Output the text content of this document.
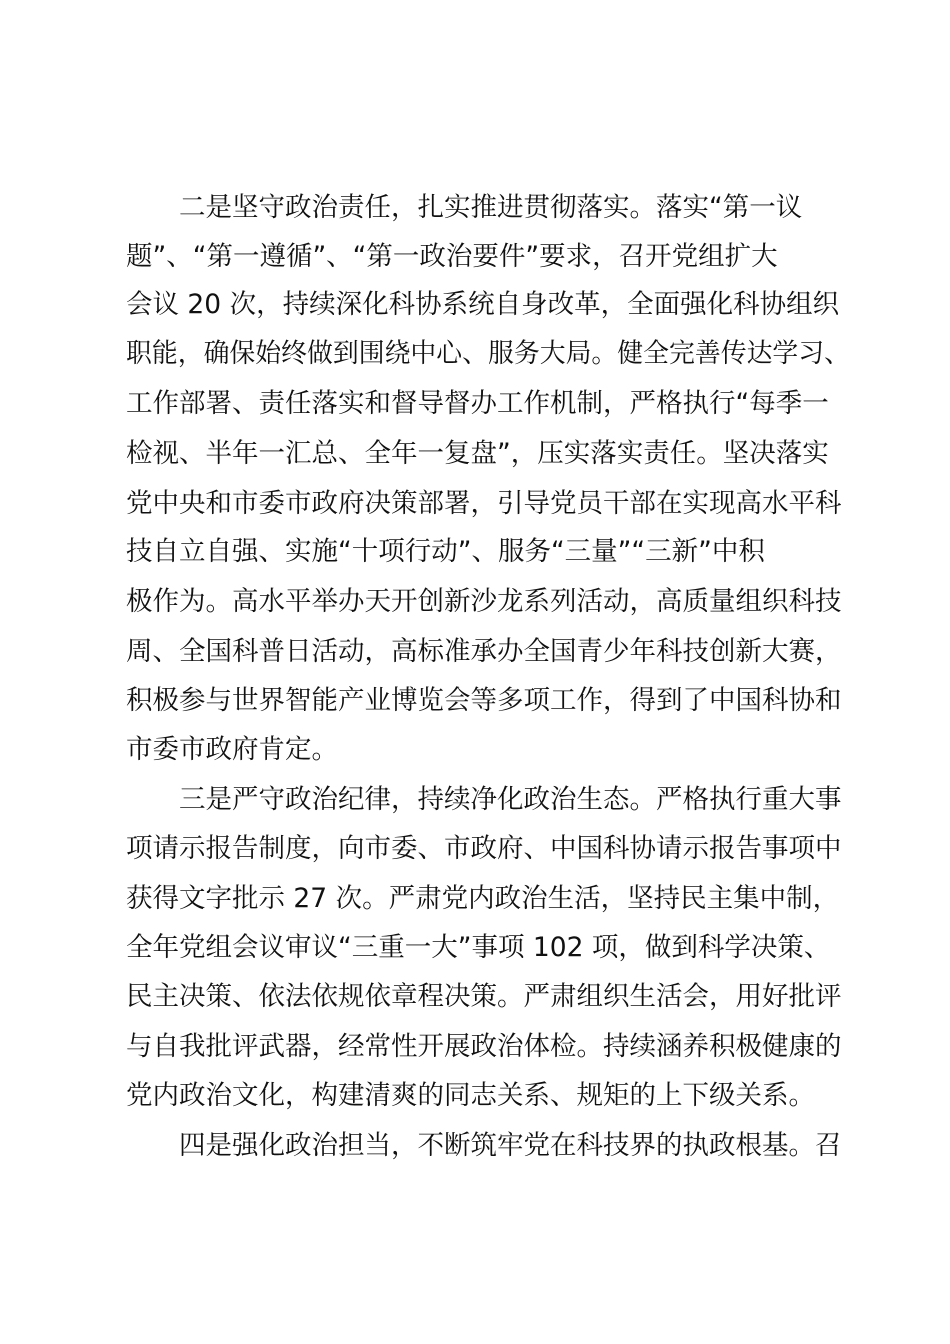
二是坚守政治责任，扎实推进贯彻落实。落实“第一议
题”、“第一遵循”、“第一政治要件”要求，召开党组扩大
会议 20 次，持续深化科协系统自身改革，全面强化科协组织
职能，确保始终做到围绕中心、服务大局。健全完善传达学习、
工作部署、责任落实和督导督办工作机制，严格执行“每季一
检视、半年一汇总、全年一复盘”，压实落实责任。坚决落实
党中央和市委市政府决策部署，引导党员干部在实现高水平科
技自立自强、实施“十项行动”、服务“三量”“三新”中积
极作为。高水平举办天开创新沙龙系列活动，高质量组织科技
周、全国科普日活动，高标准承办全国青少年科技创新大赛，
积极参与世界智能产业博览会等多项工作，得到了中国科协和
市委市政府肯定。
三是严守政治纪律，持续净化政治生态。严格执行重大事
项请示报告制度，向市委、市政府、中国科协请示报告事项中
获得文字批示 27 次。严肃党内政治生活，坚持民主集中制，
全年党组会议审议“三重一大”事项 102 项，做到科学决策、
民主决策、依法依规依章程决策。严肃组织生活会，用好批评
与自我批评武器，经常性开展政治体检。持续涵养积极健康的
党内政治文化，构建清爽的同志关系、规矩的上下级关系。
四是强化政治担当，不断筑牢党在科技界的执政根基。召
